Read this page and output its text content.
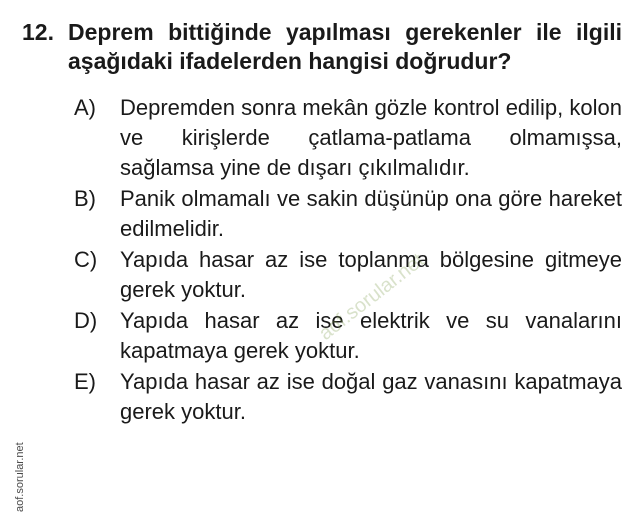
12. Deprem bittiğinde yapılması gerekenler ile ilgili aşağıdaki ifadelerden hangisi doğrudur?
A)	Depremden sonra mekân gözle kontrol edilip, kolon ve kirişlerde çatlama-patlama olmamışsa, sağlamsa yine de dışarı çıkılmalıdır.
B)	Panik olmamalı ve sakin düşünüp ona göre hareket edilmelidir.
C)	Yapıda hasar az ise toplanma bölgesine gitmeye gerek yoktur.
D)	Yapıda hasar az ise elektrik ve su vanalarını kapatmaya gerek yoktur.
E)	Yapıda hasar az ise doğal gaz vanasını kapatmaya gerek yoktur.
aof.sorular.net
aof.sorular.net
